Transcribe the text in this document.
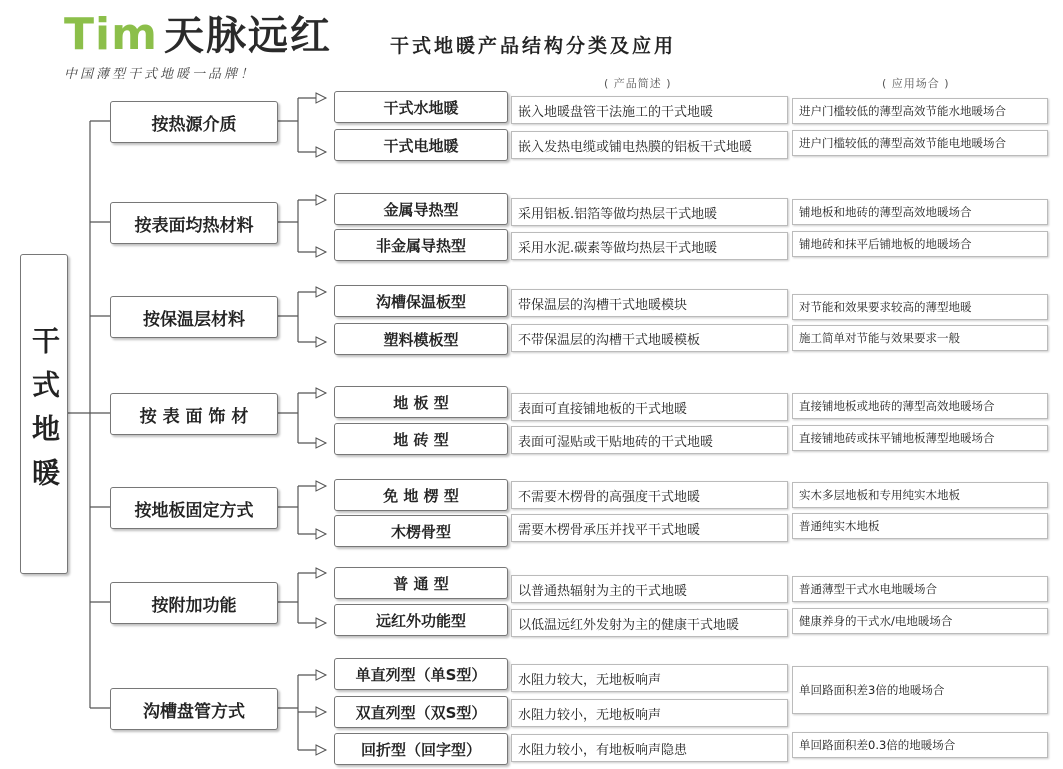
Tim 天脉远红
中国薄型干式地暖一品牌！
干式地暖产品结构分类及应用
( 产品简述 )	( 应用场合 )
干式地暖
按热源介质
按表面均热材料
按保温层材料
按 表 面 饰 材
按地板固定方式
按附加功能
沟槽盘管方式
干式水地暖
干式电地暖
金属导热型
非金属导热型
沟槽保温板型
塑料模板型
地 板 型
地 砖 型
免 地 楞 型
木楞骨型
普 通 型
远红外功能型
单直列型（单S型）
双直列型（双S型）
回折型（回字型）
嵌入地暖盘管干法施工的干式地暖
嵌入发热电缆或铺电热膜的铝板干式地暖
采用铝板.铝箔等做均热层干式地暖
采用水泥.碳素等做均热层干式地暖
带保温层的沟槽干式地暖模块
不带保温层的沟槽干式地暖模板
表面可直接铺地板的干式地暖
表面可湿贴或干贴地砖的干式地暖
不需要木楞骨的高强度干式地暖
需要木楞骨承压并找平干式地暖
以普通热辐射为主的干式地暖
以低温远红外发射为主的健康干式地暖
水阻力较大，无地板响声
水阻力较小，无地板响声
水阻力较小，有地板响声隐患
进户门槛较低的薄型高效节能水地暖场合
进户门槛较低的薄型高效节能电地暖场合
铺地板和地砖的薄型高效地暖场合
铺地砖和抹平后铺地板的地暖场合
对节能和效果要求较高的薄型地暖
施工简单对节能与效果要求一般
直接铺地板或地砖的薄型高效地暖场合
直接铺地砖或抹平铺地板薄型地暖场合
实木多层地板和专用纯实木地板
普通纯实木地板
普通薄型干式水电地暖场合
健康养身的干式水/电地暖场合
单回路面积差3倍的地暖场合
单回路面积差0.3倍的地暖场合
